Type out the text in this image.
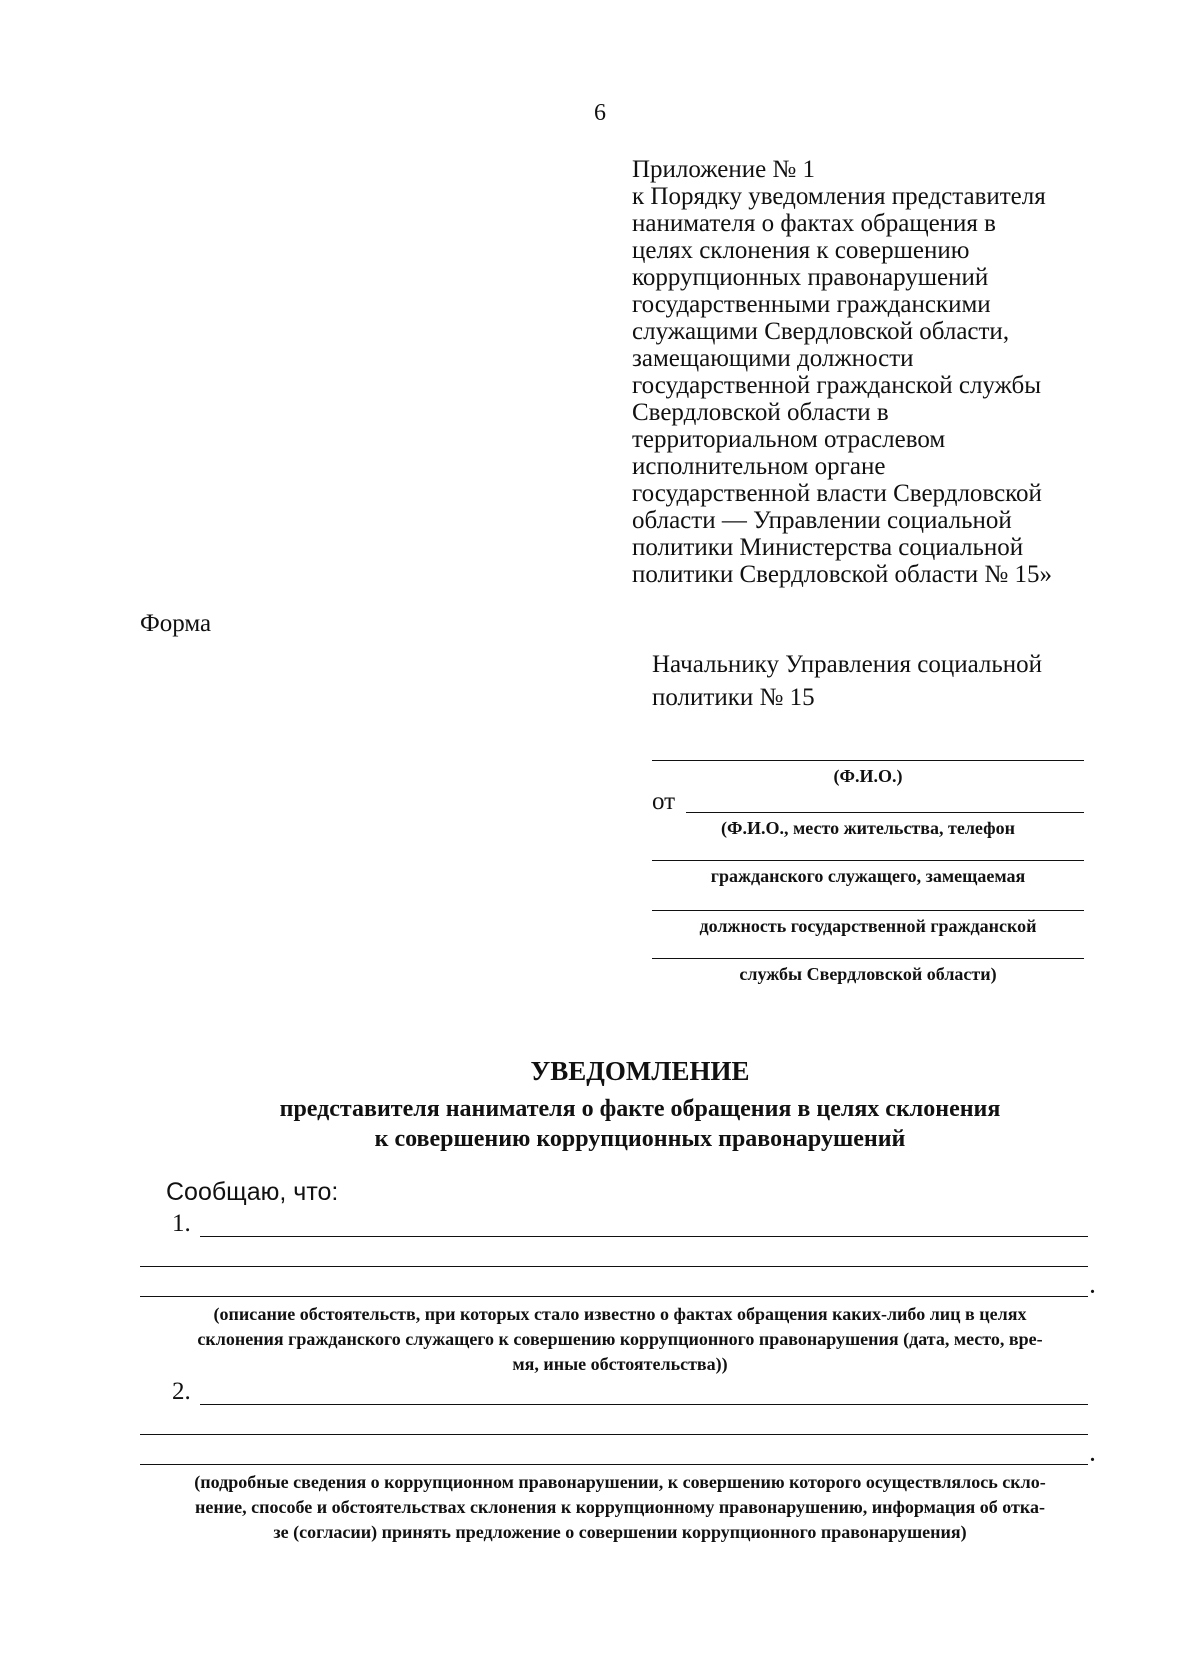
6
Приложение № 1
к Порядку уведомления представителя
нанимателя о фактах обращения в
целях склонения к совершению
коррупционных правонарушений
государственными гражданскими
служащими Свердловской области,
замещающими должности
государственной гражданской службы
Свердловской области в
территориальном отраслевом
исполнительном органе
государственной власти Свердловской
области — Управлении социальной
политики Министерства социальной
политики Свердловской области № 15»
Форма
Начальнику Управления социальной
политики № 15
(Ф.И.О.)
от
(Ф.И.О., место жительства, телефон
гражданского служащего, замещаемая
должность государственной гражданской
службы Свердловской области)
УВЕДОМЛЕНИЕ
представителя нанимателя о факте обращения в целях склонения
к совершению коррупционных правонарушений
Сообщаю, что:
1.
.
(описание обстоятельств, при которых стало известно о фактах обращения каких-либо лиц в целях
склонения гражданского служащего к совершению коррупционного правонарушения (дата, место, вре-
мя, иные обстоятельства))
2.
.
(подробные сведения о коррупционном правонарушении, к совершению которого осуществлялось скло-
нение, способе и обстоятельствах склонения к коррупционному правонарушению, информация об отка-
зе (согласии) принять предложение о совершении коррупционного правонарушения)
